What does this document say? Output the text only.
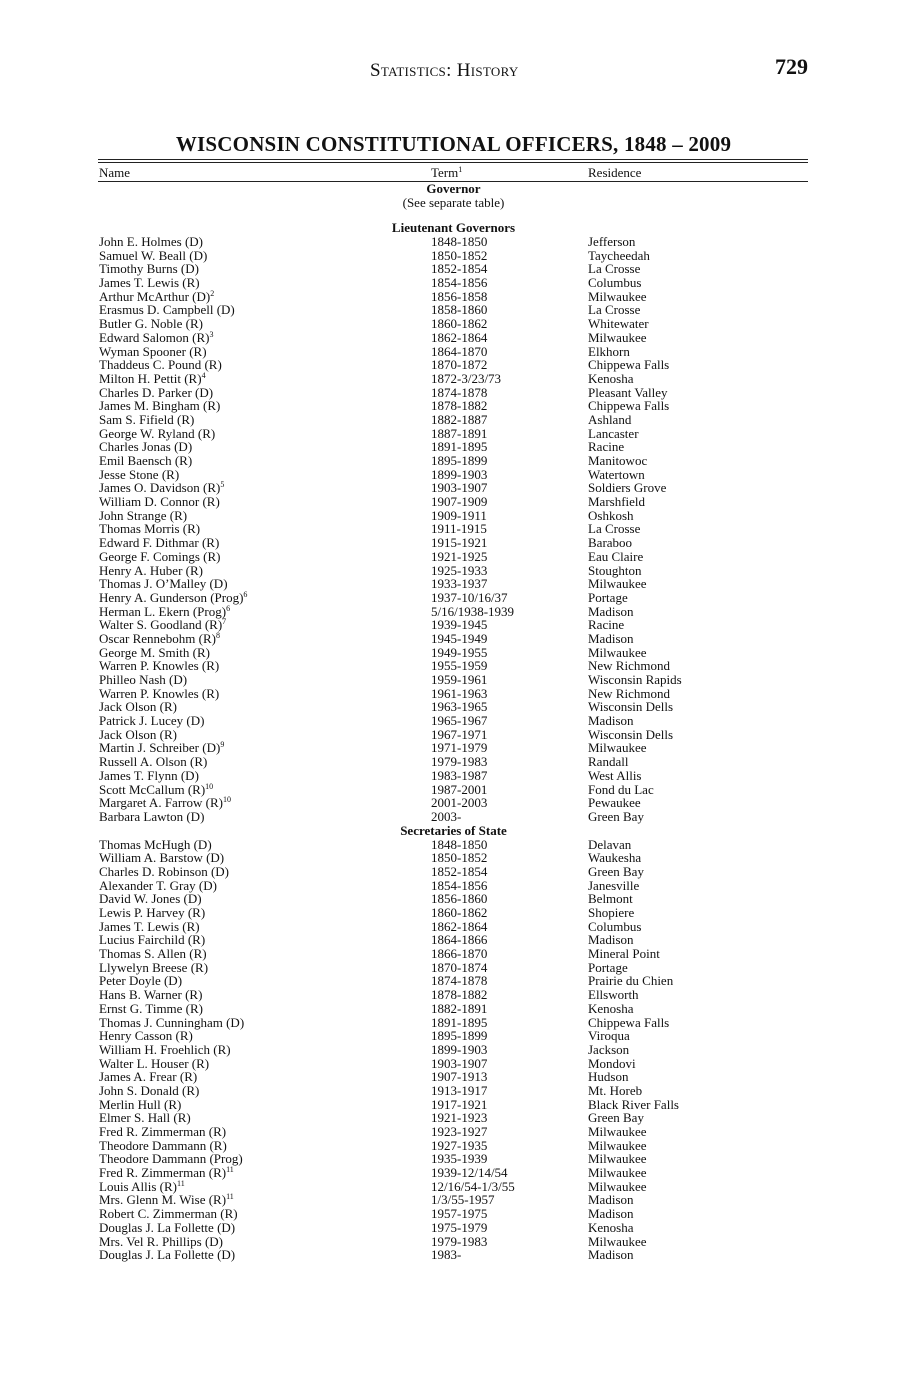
Statistics: History	729
WISCONSIN CONSTITUTIONAL OFFICERS, 1848 – 2009
Name	Term$^1$	Residence
Governor
(See separate table)
Lieutenant Governors
John E. Holmes (D)	1848-1850	Jefferson
Samuel W. Beall (D)	1850-1852	Taycheedah
Timothy Burns (D)	1852-1854	La Crosse
James T. Lewis (R)	1854-1856	Columbus
Arthur McArthur $(D)^2$	1856-1858	Milwaukee
Erasmus D. Campbell (D)	1858-1860	La Crosse
Butler G. Noble (R)	1860-1862	Whitewater
Edward Salomon $(R)^3$	1862-1864	Milwaukee
Wyman Spooner (R)	1864-1870	Elkhorn
Thaddeus C. Pound (R)	1870-1872	Chippewa Falls
Milton H. Pettit $(R)^4$	1872-3/23/73	Kenosha
Charles D. Parker (D)	1874-1878	Pleasant Valley
James M. Bingham (R)	1878-1882	Chippewa Falls
Sam S. Fifield (R)	1882-1887	Ashland
George W. Ryland (R)	1887-1891	Lancaster
Charles Jonas (D)	1891-1895	Racine
Emil Baensch (R)	1895-1899	Manitowoc
Jesse Stone (R)	1899-1903	Watertown
James O. Davidson $(R)^5$	1903-1907	Soldiers Grove
William D. Connor (R)	1907-1909	Marshfield
John Strange (R)	1909-1911	Oshkosh
Thomas Morris (R)	1911-1915	La Crosse
Edward F. Dithmar (R)	1915-1921	Baraboo
George F. Comings (R)	1921-1925	Eau Claire
Henry A. Huber (R)	1925-1933	Stoughton
Thomas J. O’Malley (D)	1933-1937	Milwaukee
Henry A. Gunderson (Prog)$^6$	1937-10/16/37	Portage
Herman L. Ekern (Prog)$^6$	5/16/1938-1939	Madison
Walter S. Goodland $(R)^7$	1939-1945	Racine
Oscar Rennebohm $(R)^8$	1945-1949	Madison
George M. Smith (R)	1949-1955	Milwaukee
Warren P. Knowles (R)	1955-1959	New Richmond
Philleo Nash (D)	1959-1961	Wisconsin Rapids
Warren P. Knowles (R)	1961-1963	New Richmond
Jack Olson (R)	1963-1965	Wisconsin Dells
Patrick J. Lucey (D)	1965-1967	Madison
Jack Olson (R)	1967-1971	Wisconsin Dells
Martin J. Schreiber $(D)^9$	1971-1979	Milwaukee
Russell A. Olson (R)	1979-1983	Randall
James T. Flynn (D)	1983-1987	West Allis
Scott McCallum $(R)^{10}$	1987-2001	Fond du Lac
Margaret A. Farrow $(R)^{10}$	2001-2003	Pewaukee
Barbara Lawton (D)	2003-	Green Bay
Secretaries of State
Thomas McHugh (D)	1848-1850	Delavan
William A. Barstow (D)	1850-1852	Waukesha
Charles D. Robinson (D)	1852-1854	Green Bay
Alexander T. Gray (D)	1854-1856	Janesville
David W. Jones (D)	1856-1860	Belmont
Lewis P. Harvey (R)	1860-1862	Shopiere
James T. Lewis (R)	1862-1864	Columbus
Lucius Fairchild (R)	1864-1866	Madison
Thomas S. Allen (R)	1866-1870	Mineral Point
Llywelyn Breese (R)	1870-1874	Portage
Peter Doyle (D)	1874-1878	Prairie du Chien
Hans B. Warner (R)	1878-1882	Ellsworth
Ernst G. Timme (R)	1882-1891	Kenosha
Thomas J. Cunningham (D)	1891-1895	Chippewa Falls
Henry Casson (R)	1895-1899	Viroqua
William H. Froehlich (R)	1899-1903	Jackson
Walter L. Houser (R)	1903-1907	Mondovi
James A. Frear (R)	1907-1913	Hudson
John S. Donald (R)	1913-1917	Mt. Horeb
Merlin Hull (R)	1917-1921	Black River Falls
Elmer S. Hall (R)	1921-1923	Green Bay
Fred R. Zimmerman (R)	1923-1927	Milwaukee
Theodore Dammann (R)	1927-1935	Milwaukee
Theodore Dammann (Prog)	1935-1939	Milwaukee
Fred R. Zimmerman $(R)^{11}$	1939-12/14/54	Milwaukee
Louis Allis $(R)^{11}$	12/16/54-1/3/55	Milwaukee
Mrs. Glenn M. Wise $(R)^{11}$	1/3/55-1957	Madison
Robert C. Zimmerman (R)	1957-1975	Madison
Douglas J. La Follette (D)	1975-1979	Kenosha
Mrs. Vel R. Phillips (D)	1979-1983	Milwaukee
Douglas J. La Follette (D)	1983-	Madison
